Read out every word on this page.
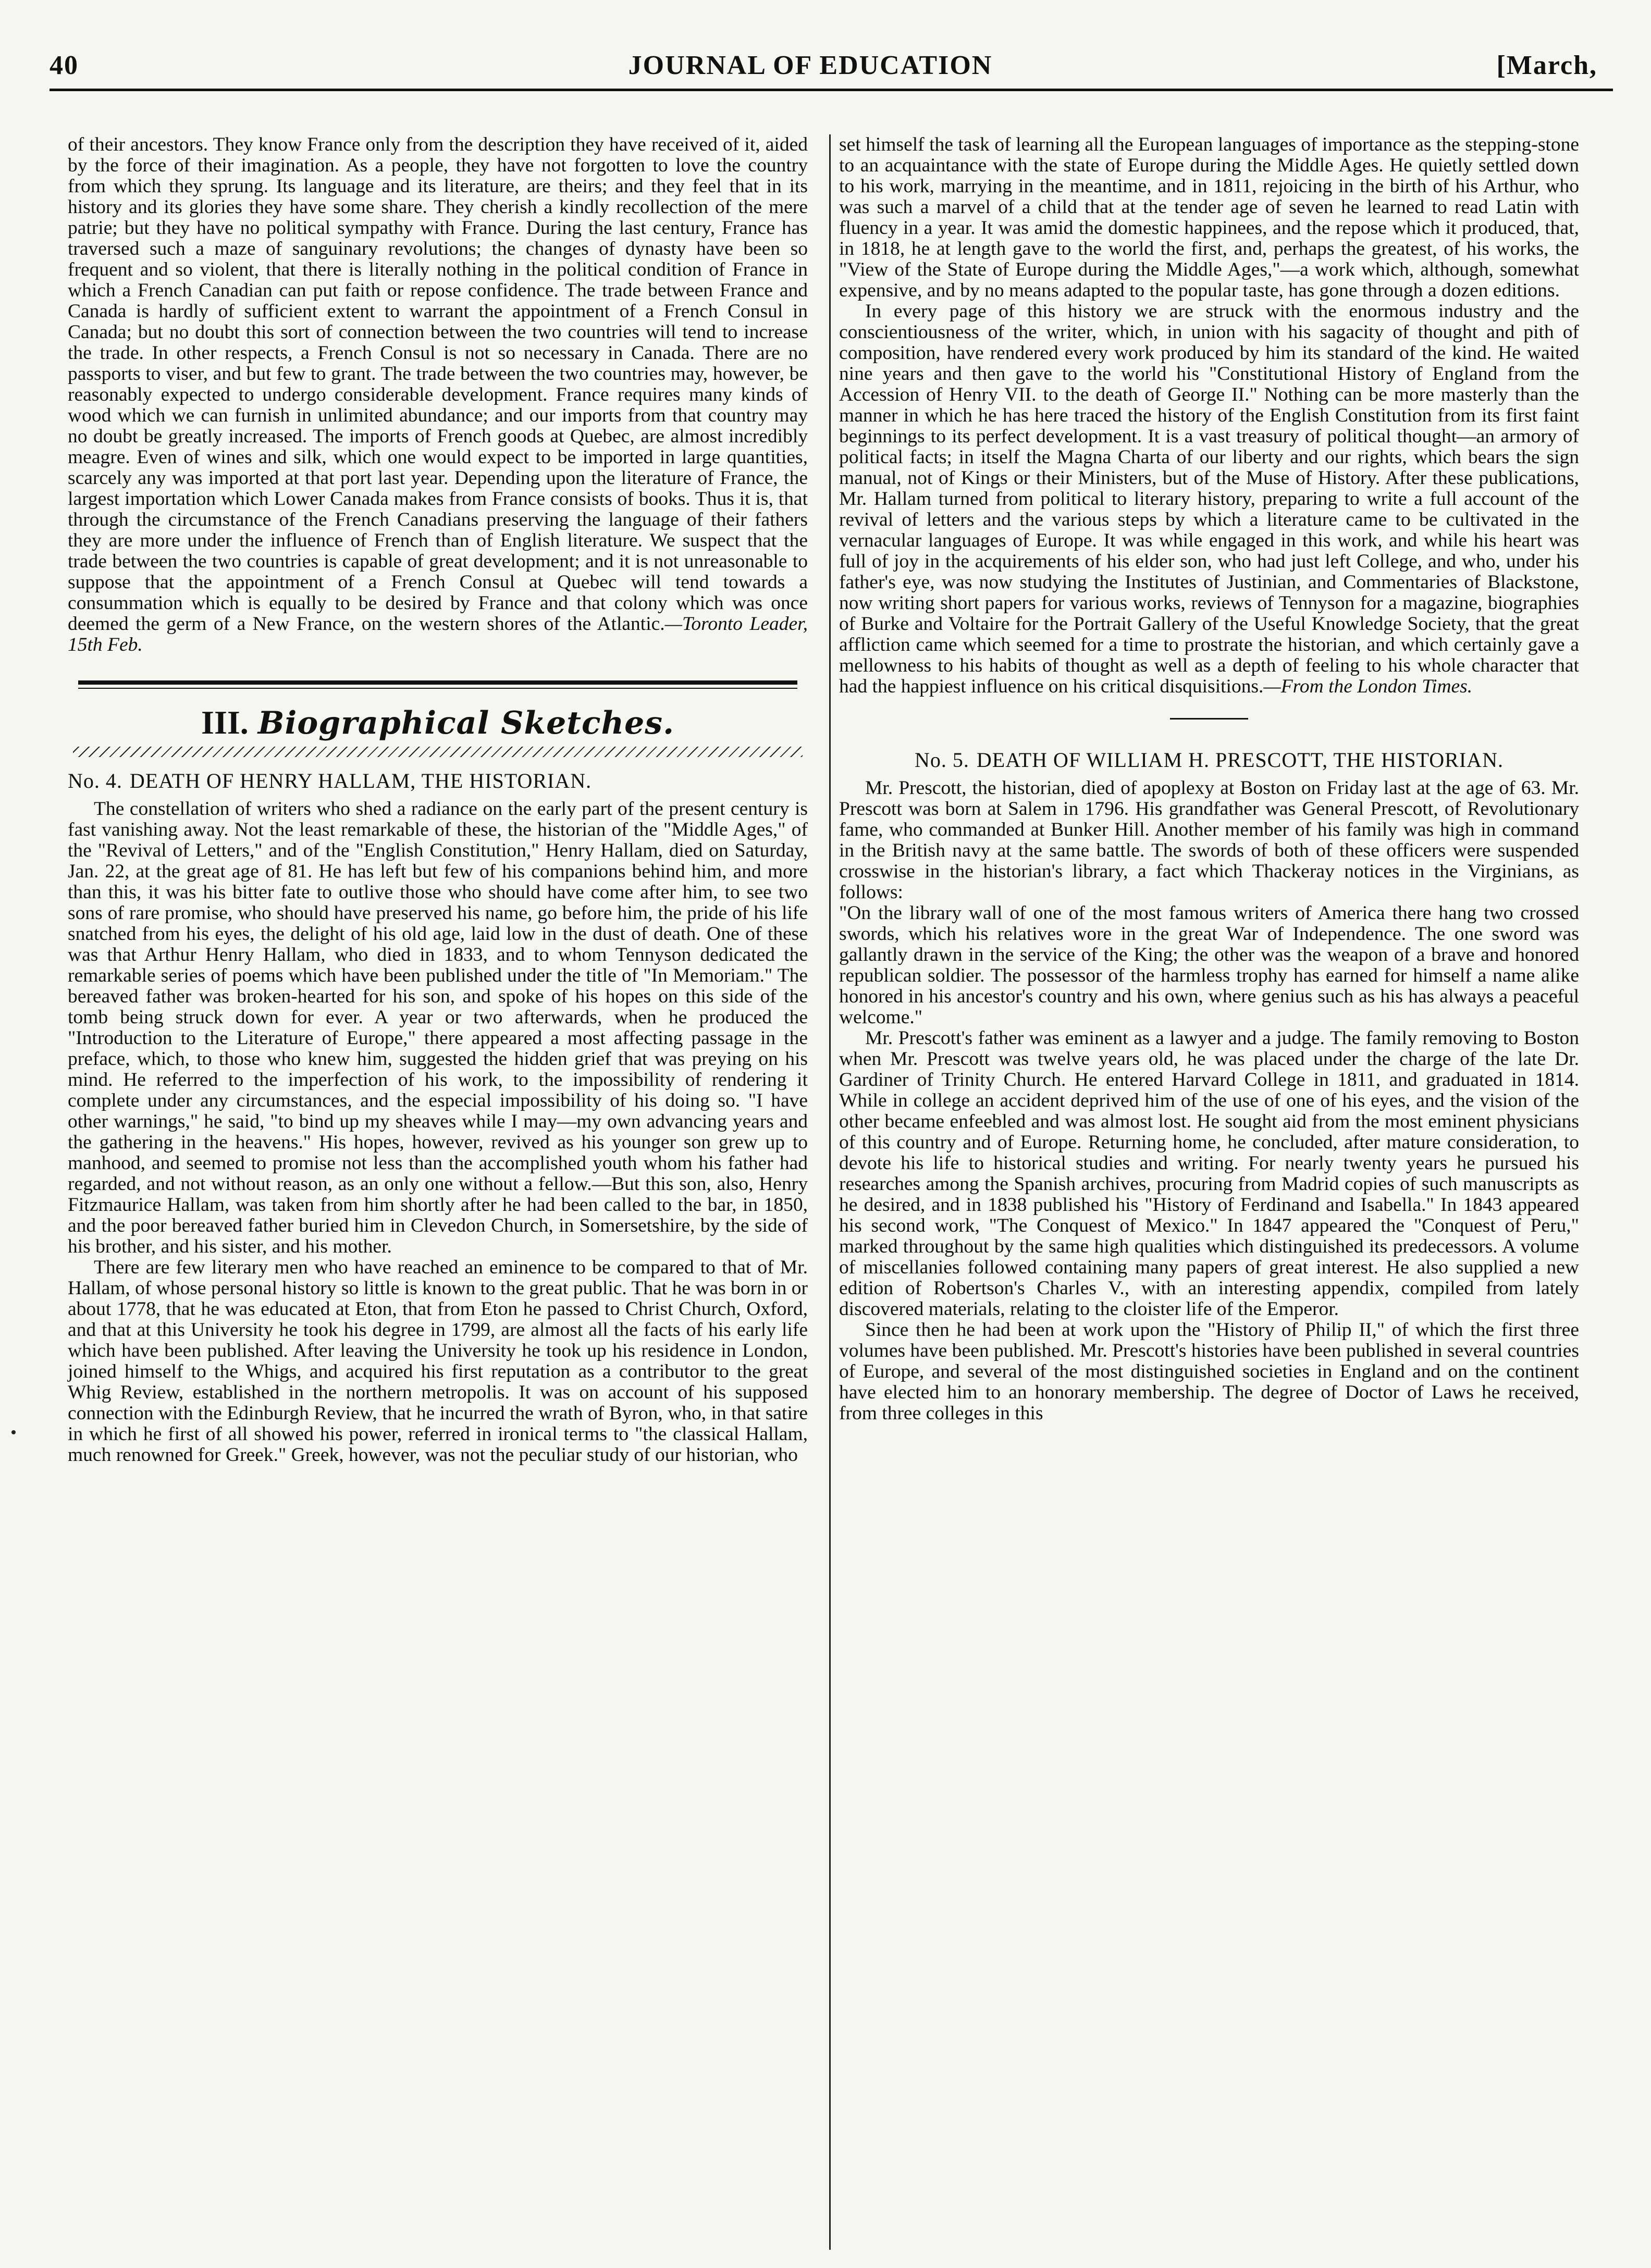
40	JOURNAL OF EDUCATION	[March,

of their ancestors. They know France only from the description they have received of it, aided by the force of their imagination. As a people, they have not forgotten to love the country from which they sprung. Its language and its literature, are theirs; and they feel that in its history and its glories they have some share. They cherish a kindly recollection of the mere patrie; but they have no political sympathy with France. During the last century, France has traversed such a maze of sanguinary revolutions; the changes of dynasty have been so frequent and so violent, that there is literally nothing in the political condition of France in which a French Canadian can put faith or repose confidence. The trade between France and Canada is hardly of sufficient extent to warrant the appointment of a French Consul in Canada; but no doubt this sort of connection between the two countries will tend to increase the trade. In other respects, a French Consul is not so necessary in Canada. There are no passports to viser, and but few to grant. The trade between the two countries may, however, be reasonably expected to undergo considerable development. France requires many kinds of wood which we can furnish in unlimited abundance; and our imports from that country may no doubt be greatly increased. The imports of French goods at Quebec, are almost incredibly meagre. Even of wines and silk, which one would expect to be imported in large quantities, scarcely any was imported at that port last year. Depending upon the literature of France, the largest importation which Lower Canada makes from France consists of books. Thus it is, that through the circumstance of the French Canadians preserving the language of their fathers they are more under the influence of French than of English literature. We suspect that the trade between the two countries is capable of great development; and it is not unreasonable to suppose that the appointment of a French Consul at Quebec will tend towards a consummation which is equally to be desired by France and that colony which was once deemed the germ of a New France, on the western shores of the Atlantic.—Toronto Leader, 15th Feb.

III. Biographical Sketches.
No. 4. DEATH OF HENRY HALLAM, THE HISTORIAN.

The constellation of writers who shed a radiance on the early part of the present century is fast vanishing away. Not the least remarkable of these, the historian of the "Middle Ages," of the "Revival of Letters," and of the "English Constitution," Henry Hallam, died on Saturday, Jan. 22, at the great age of 81. He has left but few of his companions behind him, and more than this, it was his bitter fate to outlive those who should have come after him, to see two sons of rare promise, who should have preserved his name, go before him, the pride of his life snatched from his eyes, the delight of his old age, laid low in the dust of death. One of these was that Arthur Henry Hallam, who died in 1833, and to whom Tennyson dedicated the remarkable series of poems which have been published under the title of "In Memoriam." The bereaved father was broken-hearted for his son, and spoke of his hopes on this side of the tomb being struck down for ever. A year or two afterwards, when he produced the "Introduction to the Literature of Europe," there appeared a most affecting passage in the preface, which, to those who knew him, suggested the hidden grief that was preying on his mind. He referred to the imperfection of his work, to the impossibility of rendering it complete under any circumstances, and the especial impossibility of his doing so. "I have other warnings," he said, "to bind up my sheaves while I may—my own advancing years and the gathering in the heavens." His hopes, however, revived as his younger son grew up to manhood, and seemed to promise not less than the accomplished youth whom his father had regarded, and not without reason, as an only one without a fellow.—But this son, also, Henry Fitzmaurice Hallam, was taken from him shortly after he had been called to the bar, in 1850, and the poor bereaved father buried him in Clevedon Church, in Somersetshire, by the side of his brother, and his sister, and his mother.

There are few literary men who have reached an eminence to be compared to that of Mr. Hallam, of whose personal history so little is known to the great public. That he was born in or about 1778, that he was educated at Eton, that from Eton he passed to Christ Church, Oxford, and that at this University he took his degree in 1799, are almost all the facts of his early life which have been published. After leaving the University he took up his residence in London, joined himself to the Whigs, and acquired his first reputation as a contributor to the great Whig Review, established in the northern metropolis. It was on account of his supposed connection with the Edinburgh Review, that he incurred the wrath of Byron, who, in that satire in which he first of all showed his power, referred in ironical terms to "the classical Hallam, much renowned for Greek." Greek, however, was not the peculiar study of our historian, who

set himself the task of learning all the European languages of importance as the stepping-stone to an acquaintance with the state of Europe during the Middle Ages. He quietly settled down to his work, marrying in the meantime, and in 1811, rejoicing in the birth of his Arthur, who was such a marvel of a child that at the tender age of seven he learned to read Latin with fluency in a year. It was amid the domestic happinees, and the repose which it produced, that, in 1818, he at length gave to the world the first, and, perhaps the greatest, of his works, the "View of the State of Europe during the Middle Ages,"—a work which, although, somewhat expensive, and by no means adapted to the popular taste, has gone through a dozen editions.

In every page of this history we are struck with the enormous industry and the conscientiousness of the writer, which, in union with his sagacity of thought and pith of composition, have rendered every work produced by him its standard of the kind. He waited nine years and then gave to the world his "Constitutional History of England from the Accession of Henry VII. to the death of George II." Nothing can be more masterly than the manner in which he has here traced the history of the English Constitution from its first faint beginnings to its perfect development. It is a vast treasury of political thought—an armory of political facts; in itself the Magna Charta of our liberty and our rights, which bears the sign manual, not of Kings or their Ministers, but of the Muse of History. After these publications, Mr. Hallam turned from political to literary history, preparing to write a full account of the revival of letters and the various steps by which a literature came to be cultivated in the vernacular languages of Europe. It was while engaged in this work, and while his heart was full of joy in the acquirements of his elder son, who had just left College, and who, under his father's eye, was now studying the Institutes of Justinian, and Commentaries of Blackstone, now writing short papers for various works, reviews of Tennyson for a magazine, biographies of Burke and Voltaire for the Portrait Gallery of the Useful Knowledge Society, that the great affliction came which seemed for a time to prostrate the historian, and which certainly gave a mellowness to his habits of thought as well as a depth of feeling to his whole character that had the happiest influence on his critical disquisitions.—From the London Times.

No. 5. DEATH OF WILLIAM H. PRESCOTT, THE HISTORIAN.

Mr. Prescott, the historian, died of apoplexy at Boston on Friday last at the age of 63. Mr. Prescott was born at Salem in 1796. His grandfather was General Prescott, of Revolutionary fame, who commanded at Bunker Hill. Another member of his family was high in command in the British navy at the same battle. The swords of both of these officers were suspended crosswise in the historian's library, a fact which Thackeray notices in the Virginians, as follows:

"On the library wall of one of the most famous writers of America there hang two crossed swords, which his relatives wore in the great War of Independence. The one sword was gallantly drawn in the service of the King; the other was the weapon of a brave and honored republican soldier. The possessor of the harmless trophy has earned for himself a name alike honored in his ancestor's country and his own, where genius such as his has always a peaceful welcome."

Mr. Prescott's father was eminent as a lawyer and a judge. The family removing to Boston when Mr. Prescott was twelve years old, he was placed under the charge of the late Dr. Gardiner of Trinity Church. He entered Harvard College in 1811, and graduated in 1814. While in college an accident deprived him of the use of one of his eyes, and the vision of the other became enfeebled and was almost lost. He sought aid from the most eminent physicians of this country and of Europe. Returning home, he concluded, after mature consideration, to devote his life to historical studies and writing. For nearly twenty years he pursued his researches among the Spanish archives, procuring from Madrid copies of such manuscripts as he desired, and in 1838 published his "History of Ferdinand and Isabella." In 1843 appeared his second work, "The Conquest of Mexico." In 1847 appeared the "Conquest of Peru," marked throughout by the same high qualities which distinguished its predecessors. A volume of miscellanies followed containing many papers of great interest. He also supplied a new edition of Robertson's Charles V., with an interesting appendix, compiled from lately discovered materials, relating to the cloister life of the Emperor.

Since then he had been at work upon the "History of Philip II," of which the first three volumes have been published. Mr. Prescott's histories have been published in several countries of Europe, and several of the most distinguished societies in England and on the continent have elected him to an honorary membership. The degree of Doctor of Laws he received, from three colleges in this
